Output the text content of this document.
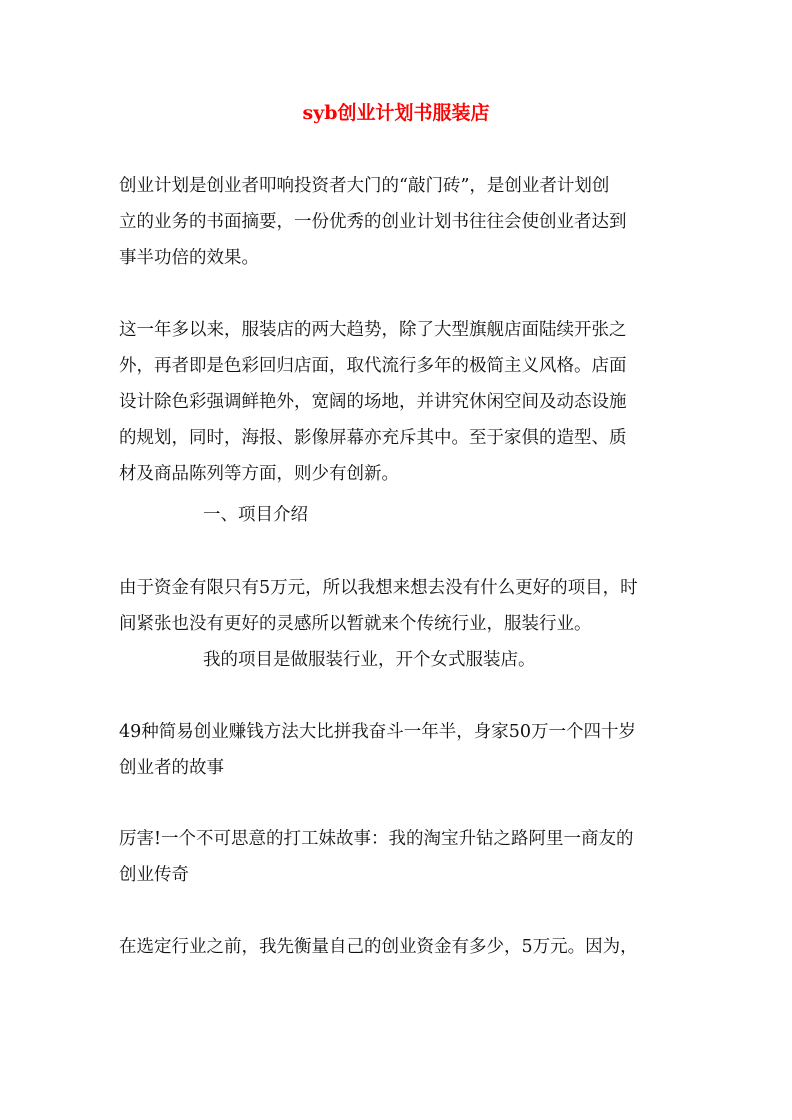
syb创业计划书服装店
创业计划是创业者叩响投资者大门的“敲门砖”，是创业者计划创
立的业务的书面摘要，一份优秀的创业计划书往往会使创业者达到
事半功倍的效果。
这一年多以来，服装店的两大趋势，除了大型旗舰店面陆续开张之
外，再者即是色彩回归店面，取代流行多年的极简主义风格。店面
设计除色彩强调鲜艳外，宽阔的场地，并讲究休闲空间及动态设施
的规划，同时，海报、影像屏幕亦充斥其中。至于家俱的造型、质
材及商品陈列等方面，则少有创新。
一、项目介绍
由于资金有限只有5万元，所以我想来想去没有什么更好的项目，时
间紧张也没有更好的灵感所以暂就来个传统行业，服装行业。
我的项目是做服装行业，开个女式服装店。
49种简易创业赚钱方法大比拼我奋斗一年半，身家50万一个四十岁
创业者的故事
厉害!一个不可思意的打工妹故事：我的淘宝升钻之路阿里一商友的
创业传奇
在选定行业之前，我先衡量自己的创业资金有多少，5万元。因为，
